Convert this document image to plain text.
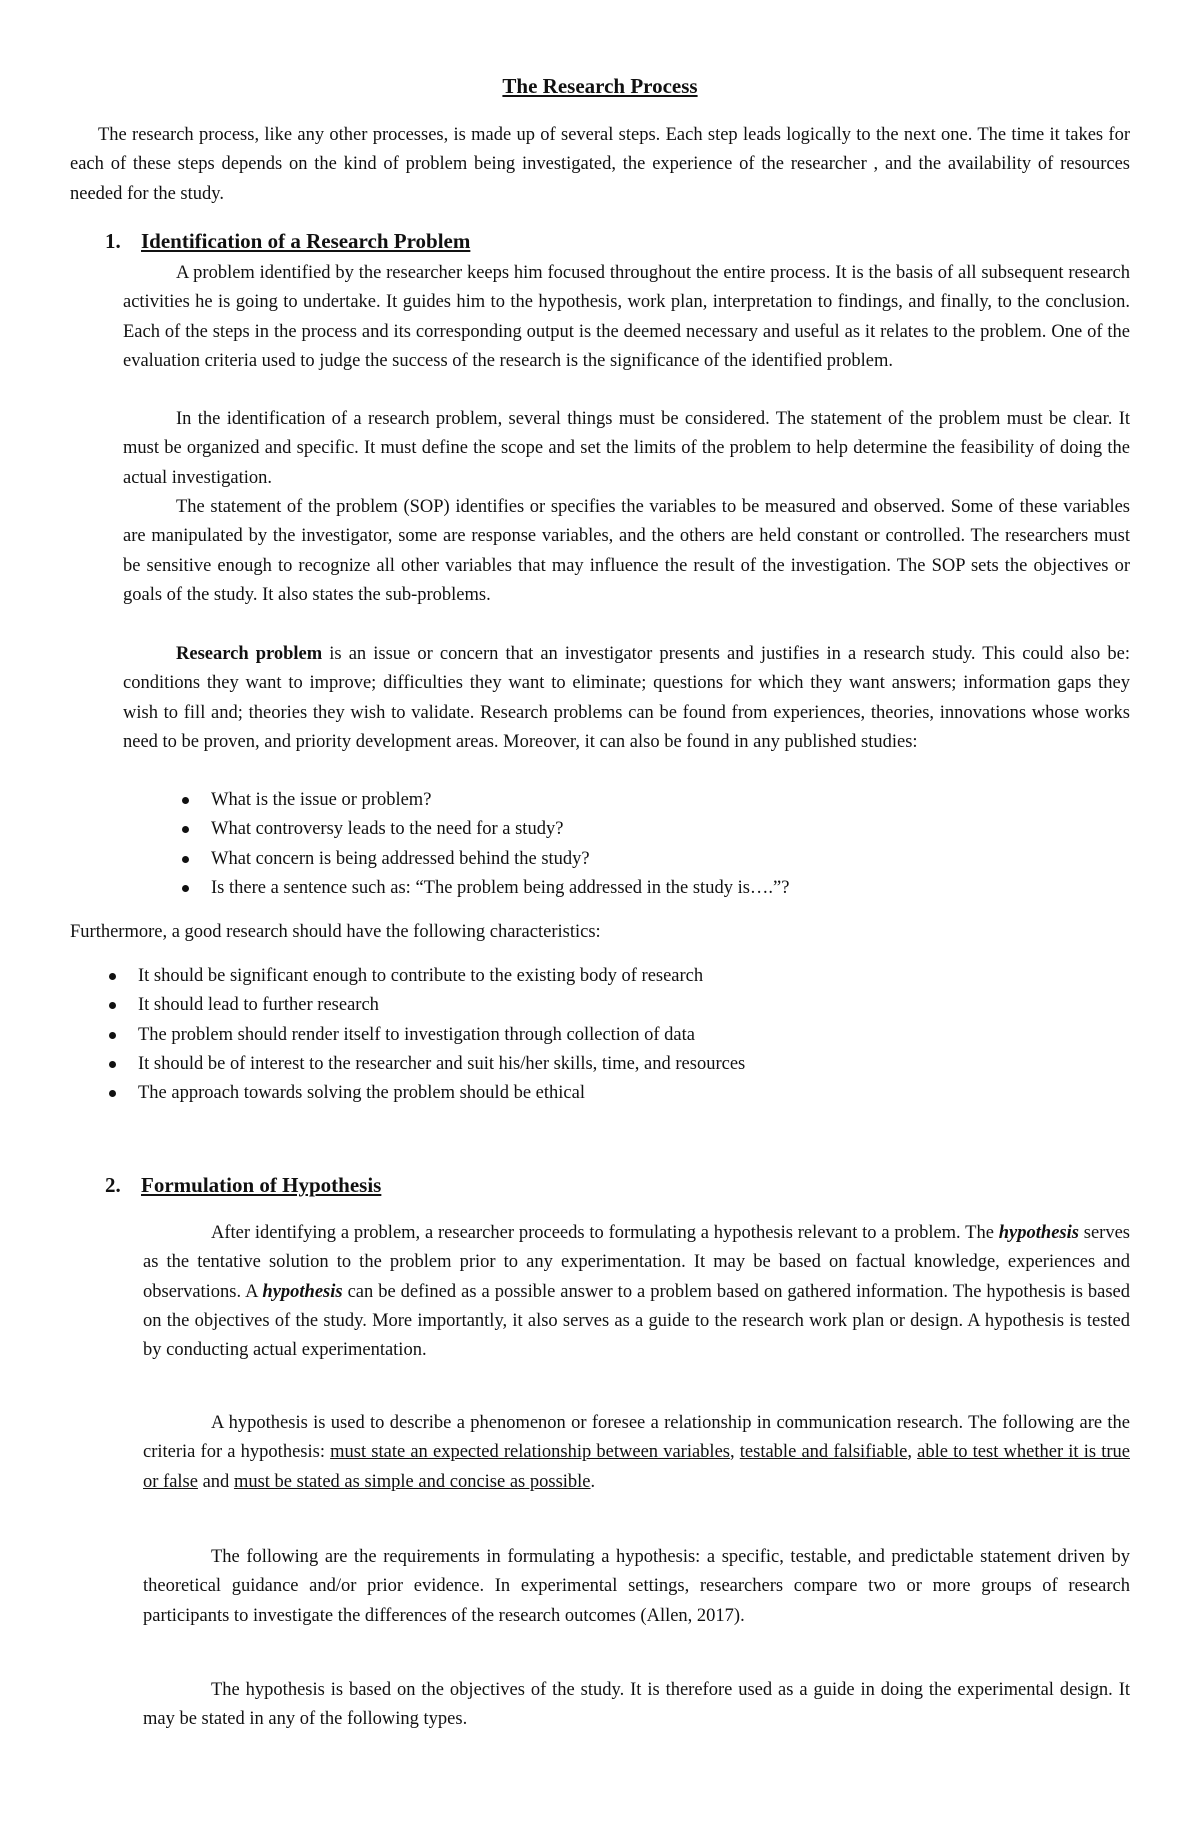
The Research Process
The research process, like any other processes, is made up of several steps. Each step leads logically to the next one. The time it takes for each of these steps depends on the kind of problem being investigated, the experience of the researcher , and the availability of resources needed for the study.
1. Identification of a Research Problem
A problem identified by the researcher keeps him focused throughout the entire process. It is the basis of all subsequent research activities he is going to undertake. It guides him to the hypothesis, work plan, interpretation to findings, and finally, to the conclusion. Each of the steps in the process and its corresponding output is the deemed necessary and useful as it relates to the problem. One of the evaluation criteria used to judge the success of the research is the significance of the identified problem.
In the identification of a research problem, several things must be considered. The statement of the problem must be clear. It must be organized and specific. It must define the scope and set the limits of the problem to help determine the feasibility of doing the actual investigation.
The statement of the problem (SOP) identifies or specifies the variables to be measured and observed. Some of these variables are manipulated by the investigator, some are response variables, and the others are held constant or controlled. The researchers must be sensitive enough to recognize all other variables that may influence the result of the investigation. The SOP sets the objectives or goals of the study. It also states the sub-problems.
Research problem is an issue or concern that an investigator presents and justifies in a research study. This could also be: conditions they want to improve; difficulties they want to eliminate; questions for which they want answers; information gaps they wish to fill and; theories they wish to validate. Research problems can be found from experiences, theories, innovations whose works need to be proven, and priority development areas. Moreover, it can also be found in any published studies:
What is the issue or problem?
What controversy leads to the need for a study?
What concern is being addressed behind the study?
Is there a sentence such as: “The problem being addressed in the study is….”?
Furthermore, a good research should have the following characteristics:
It should be significant enough to contribute to the existing body of research
It should lead to further research
The problem should render itself to investigation through collection of data
It should be of interest to the researcher and suit his/her skills, time, and resources
The approach towards solving the problem should be ethical
2. Formulation of Hypothesis
After identifying a problem, a researcher proceeds to formulating a hypothesis relevant to a problem. The hypothesis serves as the tentative solution to the problem prior to any experimentation. It may be based on factual knowledge, experiences and observations. A hypothesis can be defined as a possible answer to a problem based on gathered information. The hypothesis is based on the objectives of the study. More importantly, it also serves as a guide to the research work plan or design. A hypothesis is tested by conducting actual experimentation.
A hypothesis is used to describe a phenomenon or foresee a relationship in communication research. The following are the criteria for a hypothesis: must state an expected relationship between variables, testable and falsifiable, able to test whether it is true or false and must be stated as simple and concise as possible.
The following are the requirements in formulating a hypothesis: a specific, testable, and predictable statement driven by theoretical guidance and/or prior evidence. In experimental settings, researchers compare two or more groups of research participants to investigate the differences of the research outcomes (Allen, 2017).
The hypothesis is based on the objectives of the study. It is therefore used as a guide in doing the experimental design. It may be stated in any of the following types.
